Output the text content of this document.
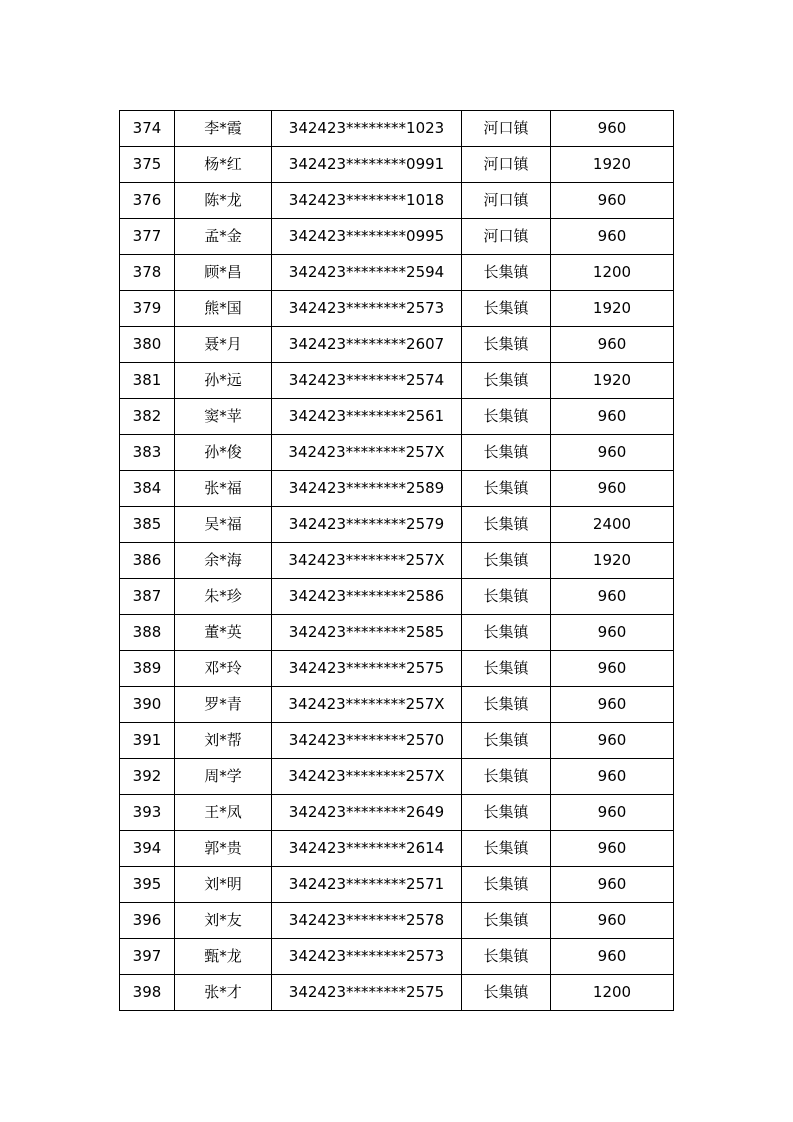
374	李*霞	342423********1023	河口镇	960
375	杨*红	342423********0991	河口镇	1920
376	陈*龙	342423********1018	河口镇	960
377	孟*金	342423********0995	河口镇	960
378	顾*昌	342423********2594	长集镇	1200
379	熊*国	342423********2573	长集镇	1920
380	聂*月	342423********2607	长集镇	960
381	孙*远	342423********2574	长集镇	1920
382	窦*苹	342423********2561	长集镇	960
383	孙*俊	342423********257X	长集镇	960
384	张*福	342423********2589	长集镇	960
385	吴*福	342423********2579	长集镇	2400
386	余*海	342423********257X	长集镇	1920
387	朱*珍	342423********2586	长集镇	960
388	董*英	342423********2585	长集镇	960
389	邓*玲	342423********2575	长集镇	960
390	罗*青	342423********257X	长集镇	960
391	刘*帮	342423********2570	长集镇	960
392	周*学	342423********257X	长集镇	960
393	王*凤	342423********2649	长集镇	960
394	郭*贵	342423********2614	长集镇	960
395	刘*明	342423********2571	长集镇	960
396	刘*友	342423********2578	长集镇	960
397	甄*龙	342423********2573	长集镇	960
398	张*才	342423********2575	长集镇	1200
